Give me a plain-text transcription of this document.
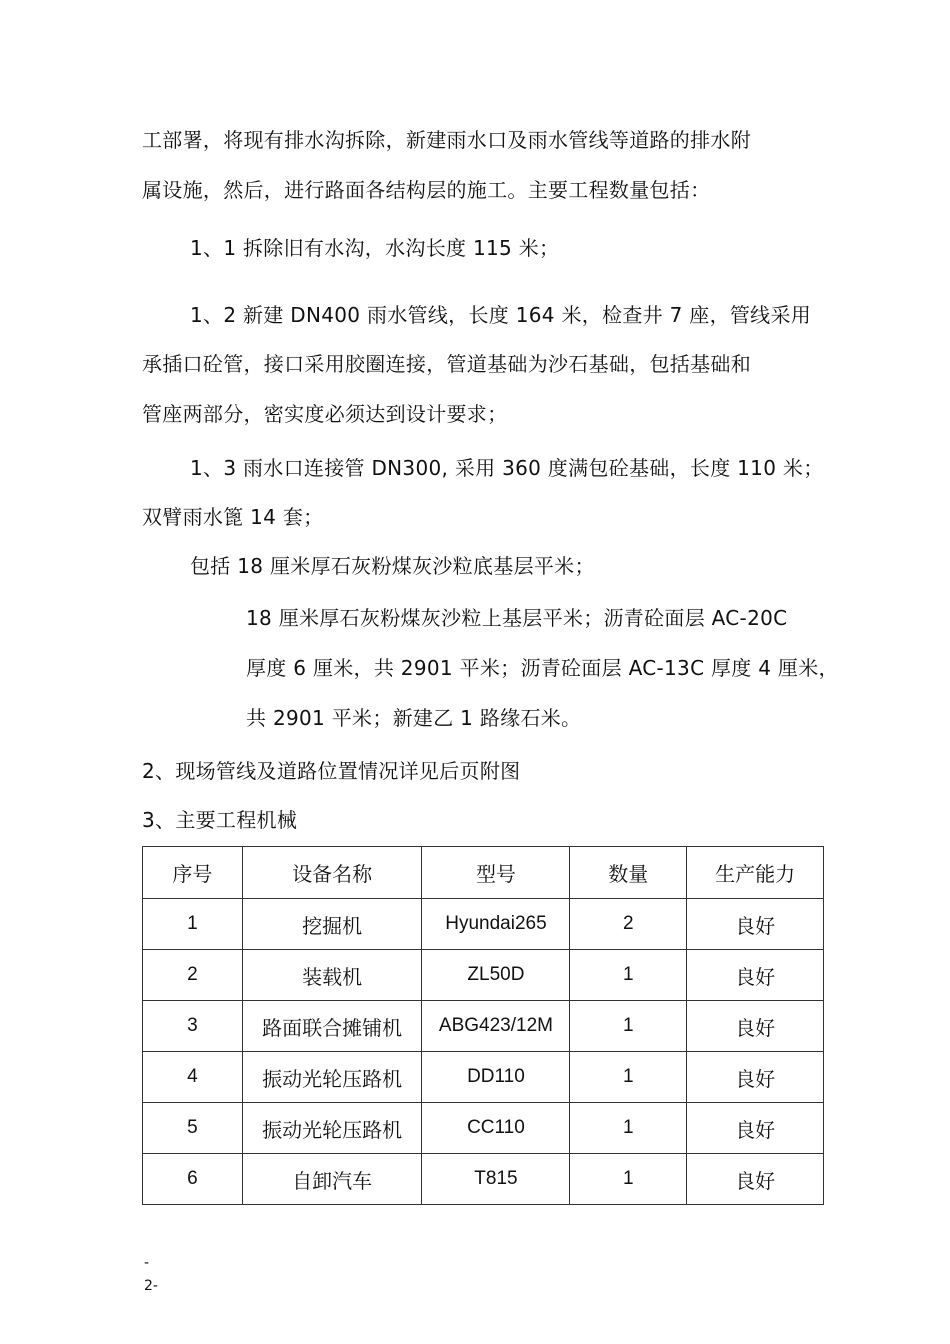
工部署，将现有排水沟拆除，新建雨水口及雨水管线等道路的排水附
属设施，然后，进行路面各结构层的施工。主要工程数量包括：
1、1 拆除旧有水沟，水沟长度 115 米；
1、2 新建 DN400 雨水管线，长度 164 米，检查井 7 座，管线采用
承插口砼管，接口采用胶圈连接，管道基础为沙石基础，包括基础和
管座两部分，密实度必须达到设计要求；
1、3 雨水口连接管 DN300, 采用 360 度满包砼基础，长度 110 米；
双臂雨水篦 14 套；
包括 18 厘米厚石灰粉煤灰沙粒底基层平米；
18 厘米厚石灰粉煤灰沙粒上基层平米；沥青砼面层 AC-20C
厚度 6 厘米，共 2901 平米；沥青砼面层 AC-13C 厚度 4 厘米，
共 2901 平米；新建乙 1 路缘石米。
2、现场管线及道路位置情况详见后页附图
3、主要工程机械
序号	设备名称	型号	数量	生产能力
1	挖掘机	Hyundai265	2	良好
2	装载机	ZL50D	1	良好
3	路面联合摊铺机	ABG423/12M	1	良好
4	振动光轮压路机	DD110	1	良好
5	振动光轮压路机	CC110	1	良好
6	自卸汽车	T815	1	良好
-
2-
